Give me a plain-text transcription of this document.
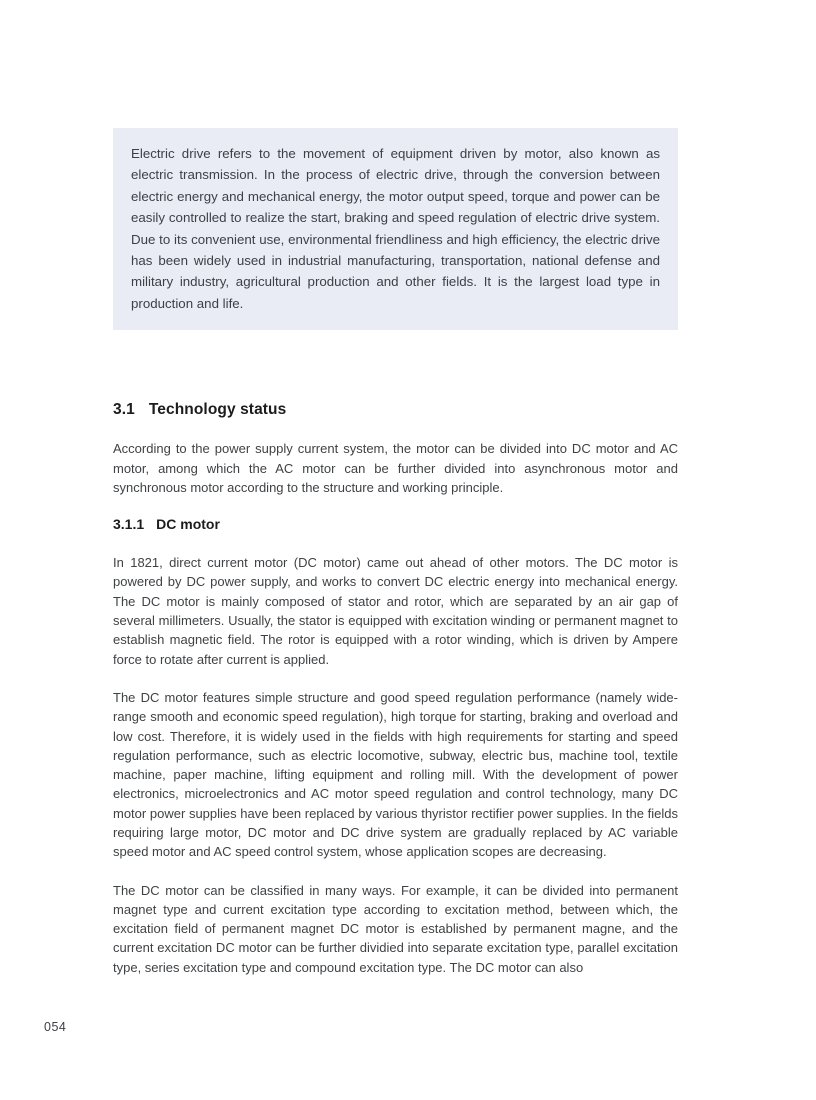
Electric drive refers to the movement of equipment driven by motor, also known as electric transmission. In the process of electric drive, through the conversion between electric energy and mechanical energy, the motor output speed, torque and power can be easily controlled to realize the start, braking and speed regulation of electric drive system. Due to its convenient use, environmental friendliness and high efficiency, the electric drive has been widely used in industrial manufacturing, transportation, national defense and military industry, agricultural production and other fields. It is the largest load type in production and life.

3.1 Technology status

According to the power supply current system, the motor can be divided into DC motor and AC motor, among which the AC motor can be further divided into asynchronous motor and synchronous motor according to the structure and working principle.

3.1.1 DC motor

In 1821, direct current motor (DC motor) came out ahead of other motors. The DC motor is powered by DC power supply, and works to convert DC electric energy into mechanical energy. The DC motor is mainly composed of stator and rotor, which are separated by an air gap of several millimeters. Usually, the stator is equipped with excitation winding or permanent magnet to establish magnetic field. The rotor is equipped with a rotor winding, which is driven by Ampere force to rotate after current is applied.

The DC motor features simple structure and good speed regulation performance (namely wide-range smooth and economic speed regulation), high torque for starting, braking and overload and low cost. Therefore, it is widely used in the fields with high requirements for starting and speed regulation performance, such as electric locomotive, subway, electric bus, machine tool, textile machine, paper machine, lifting equipment and rolling mill. With the development of power electronics, microelectronics and AC motor speed regulation and control technology, many DC motor power supplies have been replaced by various thyristor rectifier power supplies. In the fields requiring large motor, DC motor and DC drive system are gradually replaced by AC variable speed motor and AC speed control system, whose application scopes are decreasing.

The DC motor can be classified in many ways. For example, it can be divided into permanent magnet type and current excitation type according to excitation method, between which, the excitation field of permanent magnet DC motor is established by permanent magne, and the current excitation DC motor can be further dividied into separate excitation type, parallel excitation type, series excitation type and compound excitation type. The DC motor can also

054
